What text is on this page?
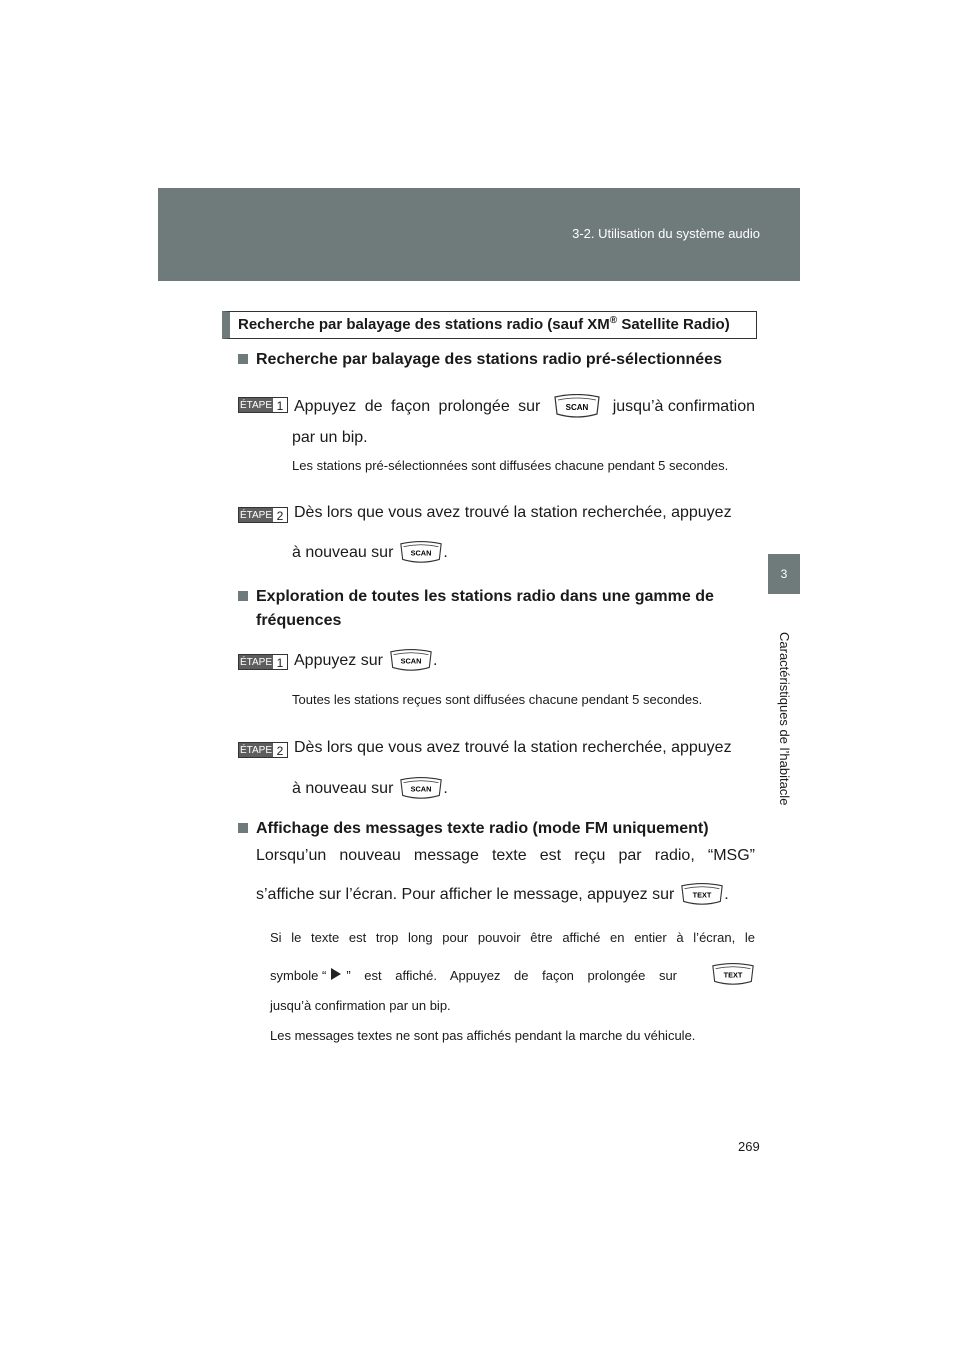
3-2. Utilisation du système audio
3
Caractéristiques de l’habitacle
Recherche par balayage des stations radio (sauf XM® Satellite Radio)
Recherche par balayage des stations radio pré-sélectionnées
ÉTAPE 1 Appuyez de façon prolongée sur	SCAN jusqu’à confirmation
par un bip.
Les stations pré-sélectionnées sont diffusées chacune pendant 5 secondes.
ÉTAPE 2 Dès lors que vous avez trouvé la station recherchée, appuyez
à nouveau sur SCAN .
Exploration de toutes les stations radio dans une gamme de
fréquences
ÉTAPE 1 Appuyez sur SCAN .
Toutes les stations reçues sont diffusées chacune pendant 5 secondes.
ÉTAPE 2 Dès lors que vous avez trouvé la station recherchée, appuyez
à nouveau sur SCAN .
Affichage des messages texte radio (mode FM uniquement)
Lorsqu’un nouveau message texte est reçu par radio, “MSG”
s’affiche sur l’écran. Pour afficher le message, appuyez sur TEXT .
Si le texte est trop long pour pouvoir être affiché en entier à l’écran, le
symbole “ ” est affiché. Appuyez de façon prolongée sur	TEXT
jusqu’à confirmation par un bip.
Les messages textes ne sont pas affichés pendant la marche du véhicule.
269
